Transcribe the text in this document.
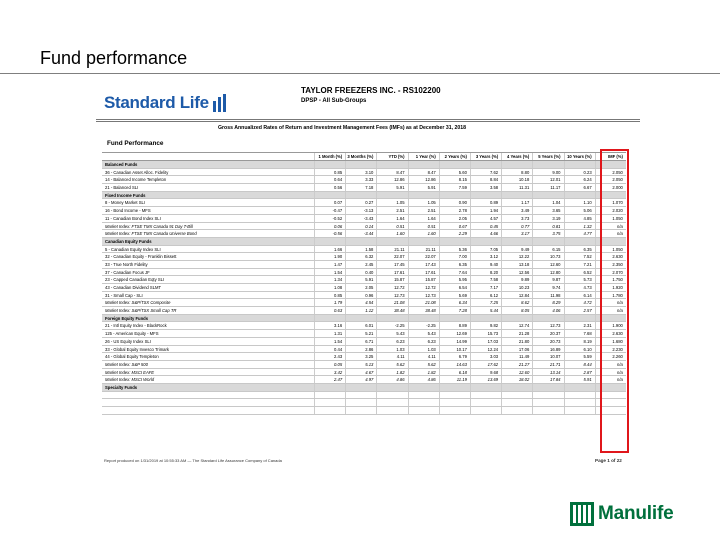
Fund performance
Standard Life
TAYLOR FREEZERS INC. - RS102200
DPSP - All Sub-Groups
Gross Annualized Rates of Return and Investment Management Fees (IMFs) as at December 31, 2018
Fund Performance
1 Month (%)	3 Months (%)	YTD (%)	1 Year (%)	2 Years (%)	3 Years (%)	4 Years (%)	5 Years (%)	10 Years (%)	IMF (%)
Balanced Funds
36 - Canadian Asset Alloc. Fidelity	0.85	3.10	8.47	8.47	5.60	7.62	8.80	9.00	0.23	2.050
14 - Balanced Income Templeton	0.64	3.33	12.86	12.86	8.15	8.84	10.18	12.01	6.24	2.050
21 - Balanced SLI	0.56	7.18	5.91	5.91	7.59	3.58	11.31	11.17	6.67	2.000
Fixed Income Funds
8 - Money Market SLI	0.07	0.27	1.05	1.05	0.90	0.89	1.17	1.04	1.10	1.070
16 - Bond Income - MFS	-0.47	-3.13	2.51	2.51	2.78	1.94	3.49	3.65	5.06	2.020
11 - Canadian Bond Index SLI	-0.52	-3.43	1.64	1.64	2.05	4.57	3.73	3.19	4.85	1.050
Market Index: FTSE TMX Canada 91 Day T-Bill	0.06	0.14	0.51	0.51	0.67	0.45	0.77	0.81	1.32	n/a
Market Index: FTSE TMX Canada Universe Bond	-0.56	-3.44	1.60	1.60	2.29	4.66	3.17	3.75	4.77	n/a
Canadian Equity Funds
5 - Canadian Equity Index SLI	1.66	1.58	21.11	21.11	5.36	7.05	9.49	6.15	6.35	1.050
32 - Canadian Equity - Franklin Bissett	1.90	6.32	22.07	22.07	7.00	3.12	12.22	10.73	7.52	2.630
33 - True North Fidelity	1.47	2.45	17.45	17.43	6.35	9.40	13.18	12.60	7.21	2.350
37 - Canadian Focus JF	1.54	0.40	17.61	17.61	7.64	8.20	12.56	12.80	6.52	2.070
23 - Capped Canadian Eqty SLI	1.34	5.91	15.87	15.87	5.95	7.58	9.89	9.87	5.73	1.750
43 - Canadian Dividend SLMT	1.08	2.05	12.72	12.72	6.54	7.17	10.23	9.74	4.73	1.920
31 - Small Cap - SLI	0.85	0.96	12.73	12.73	5.69	6.12	12.84	11.98	6.14	1.780
Market Index: S&P/TSX Composite	1.79	4.54	21.08	21.08	6.34	7.25	8.62	8.29	4.72	n/a
Market Index: S&P/TSX Small Cap TR	0.63	1.12	38.48	38.48	7.28	5.44	8.05	4.06	2.57	n/a
Foreign Equity Funds
21 - Intl Equity Index - BlackRock	3.16	6.01	-2.25	-2.25	8.89	9.82	12.74	12.73	2.31	1.900
125 - American Equity - MFS	1.31	5.21	5.43	5.43	12.69	15.73	21.28	20.37	7.68	2.630
26 - US Equity Index SLI	1.54	6.71	6.23	6.23	14.99	17.03	21.80	20.73	8.19	1.680
33 - Global Equity Invesco Trimark	0.44	2.86	1.03	1.03	10.17	12.24	17.06	16.89	6.10	2.230
44 - Global Equity Templeton	2.43	3.25	4.11	4.11	6.79	3.03	11.49	10.07	5.59	2.260
Market Index: S&P 500	0.05	5.13	5.62	5.62	14.63	17.62	21.27	21.71	8.44	n/a
Market Index: MSCI EAFE	3.42	4.67	1.82	1.82	6.18	9.68	12.60	13.14	2.87	n/a
Market Index: MSCI World	2.47	4.97	4.86	4.86	11.19	13.69	18.02	17.84	5.91	n/a
Specialty Funds
Report produced on 1/31/2019 at 10:55:33 AM — The Standard Life Assurance Company of Canada	Page 1 of 22
Manulife
